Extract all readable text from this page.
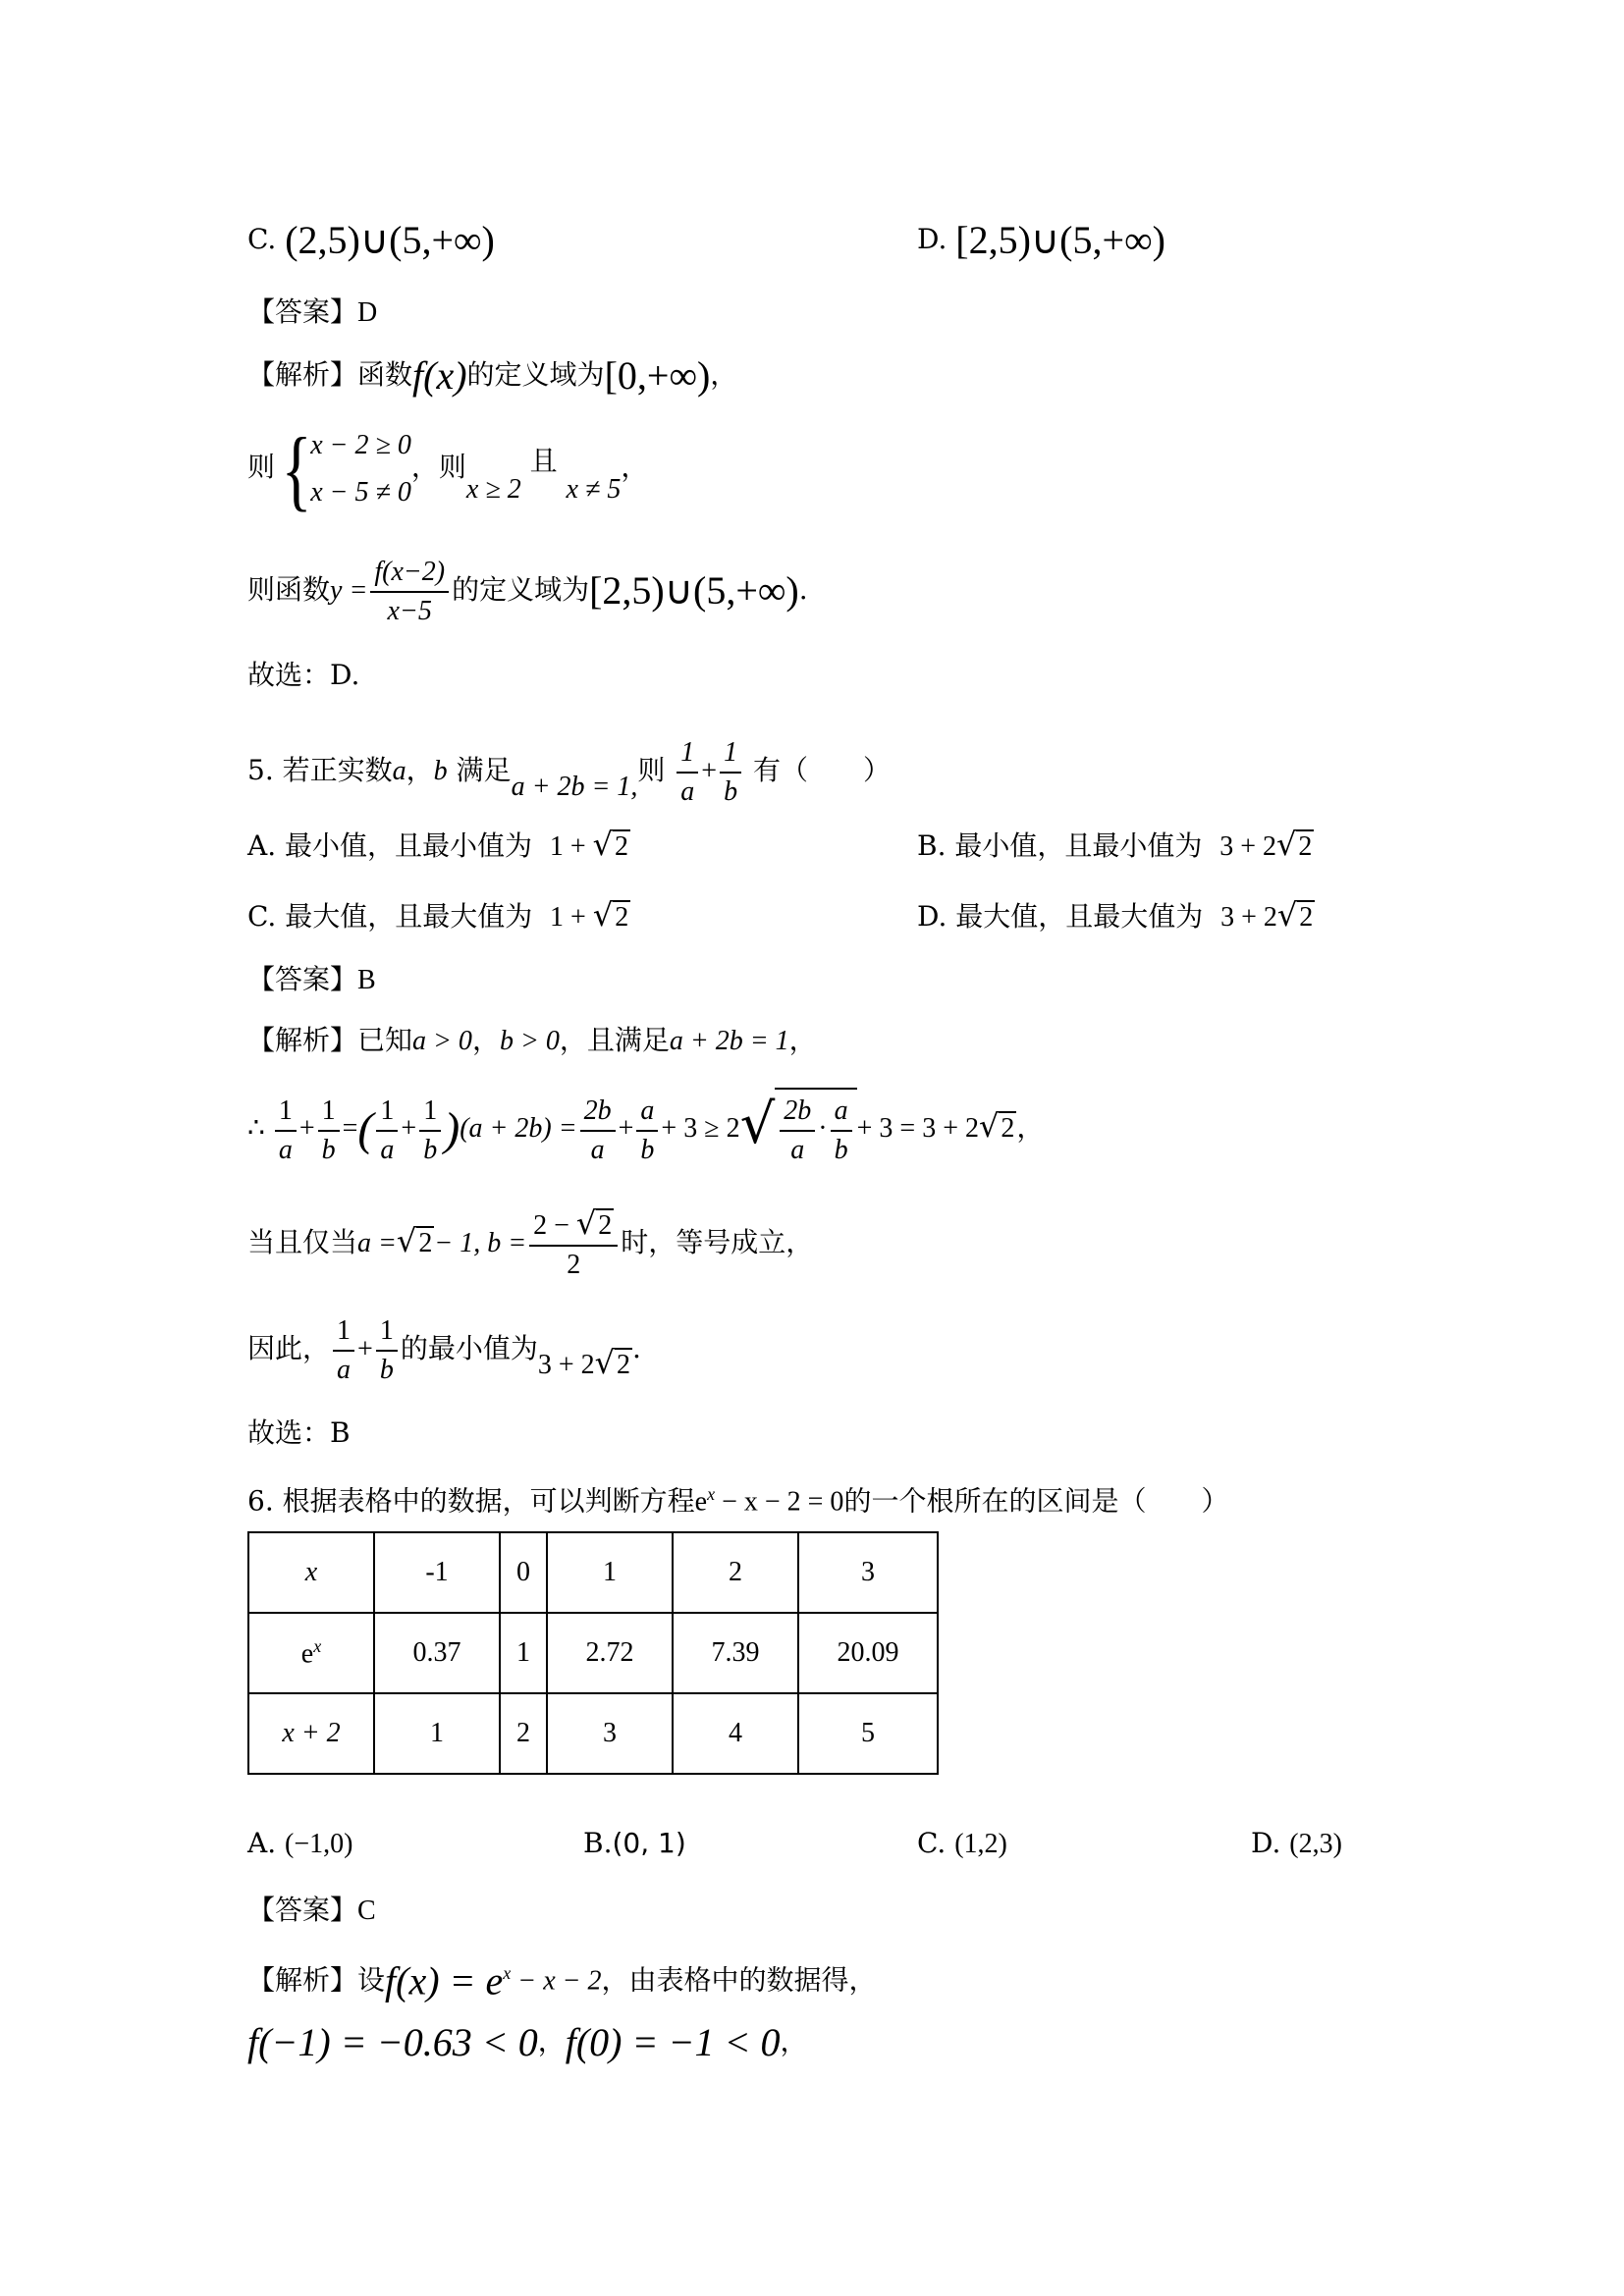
C. (2,5)∪(5,+∞)	D. [2,5)∪(5,+∞)
【答案】D
【解析】函数f(x)的定义域为[0,+∞)，
则{
x − 2 ≥ 0
x − 5 ≠ 0
，则x ≥ 2 且 x ≠ 5，
则函数$y = \frac{f(x-2)}{x-5}$ 的定义域为[2,5)∪(5,+∞).
故选：D.
5. 若正实数a，b 满足a + 2b = 1,则 $\frac{1}{a} + \frac{1}{b}$ 有（　　）
A. 最小值，且最小值为 1 + √2	B. 最小值，且最小值为 3 + 2√2
C. 最大值，且最大值为 1 + √2	D. 最大值，且最大值为 3 + 2√2
【答案】B
【解析】已知a > 0，b > 0，且满足a + 2b = 1，
∴ $\frac{1}{a} + \frac{1}{b}$ =( $\frac{1}{a} + \frac{1}{b} )(a + 2b) = \frac{2b}{a} + \frac{a}{b} + 3 \ge 2√ \frac{2b}{a} \cdot \frac{a}{b} + 3 = 3 + 2√2$，
当且仅当a =√2− 1, $b = \frac{2 - √2}{2}$ 时，等号成立，
因此， $\frac{1}{a} + \frac{1}{b}$ 的最小值为3 + 2√2.
故选：B
6. 根据表格中的数据，可以判断方程$e^x - x - 2 = 0$的一个根所在的区间是（　　）
x	-1	0	1	2	3
$e^x$	0.37	1	2.72	7.39	20.09
x + 2	1	2	3	4	5
A. (−1,0)	B.(0, 1)	C. (1,2)	D. (2,3)
【答案】C
【解析】设$f(x) = e^x - x - 2$，由表格中的数据得，
f(−1) = −0.63 < 0，f(0) = −1 < 0，
